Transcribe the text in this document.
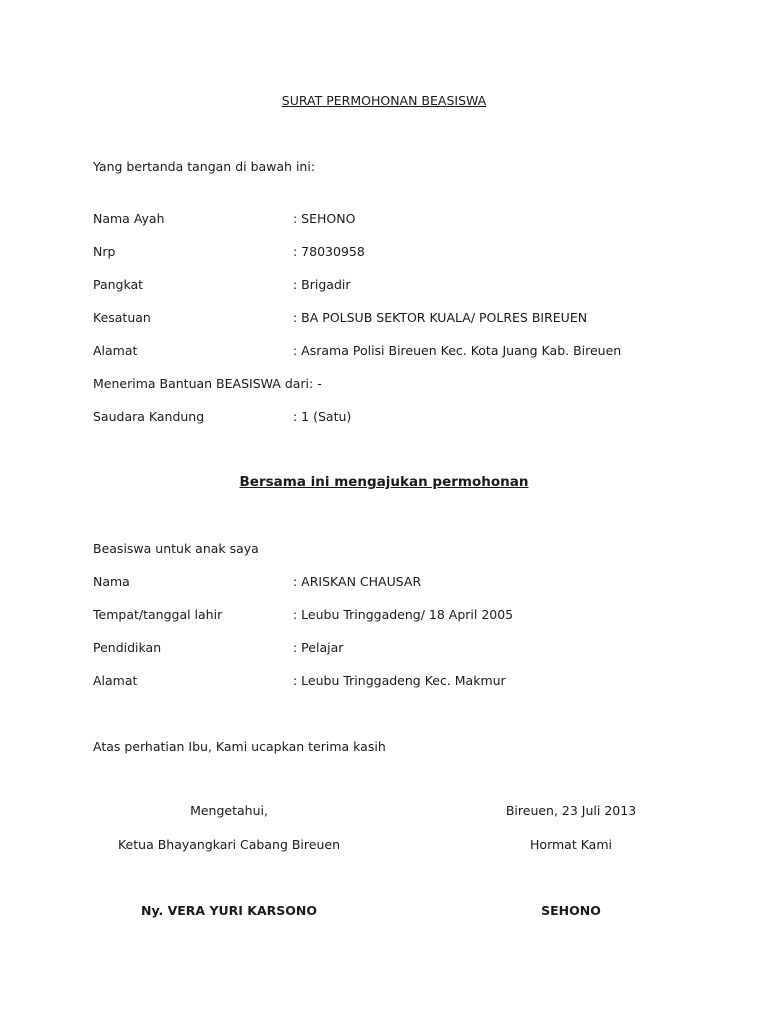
SURAT PERMOHONAN BEASISWA
Yang bertanda tangan di bawah ini:
Nama Ayah	: SEHONO
Nrp	: 78030958
Pangkat	: Brigadir
Kesatuan	: BA POLSUB SEKTOR KUALA/ POLRES BIREUEN
Alamat	: Asrama Polisi Bireuen Kec. Kota Juang Kab. Bireuen
Menerima Bantuan BEASISWA dari: -
Saudara Kandung	: 1 (Satu)
Bersama ini mengajukan permohonan
Beasiswa untuk anak saya
Nama	: ARISKAN CHAUSAR
Tempat/tanggal lahir	: Leubu Tringgadeng/ 18 April 2005
Pendidikan	: Pelajar
Alamat	: Leubu Tringgadeng Kec. Makmur
Atas perhatian Ibu, Kami ucapkan terima kasih
Mengetahui,	Bireuen, 23 Juli 2013
Ketua Bhayangkari Cabang Bireuen	Hormat Kami
Ny. VERA YURI KARSONO	SEHONO
